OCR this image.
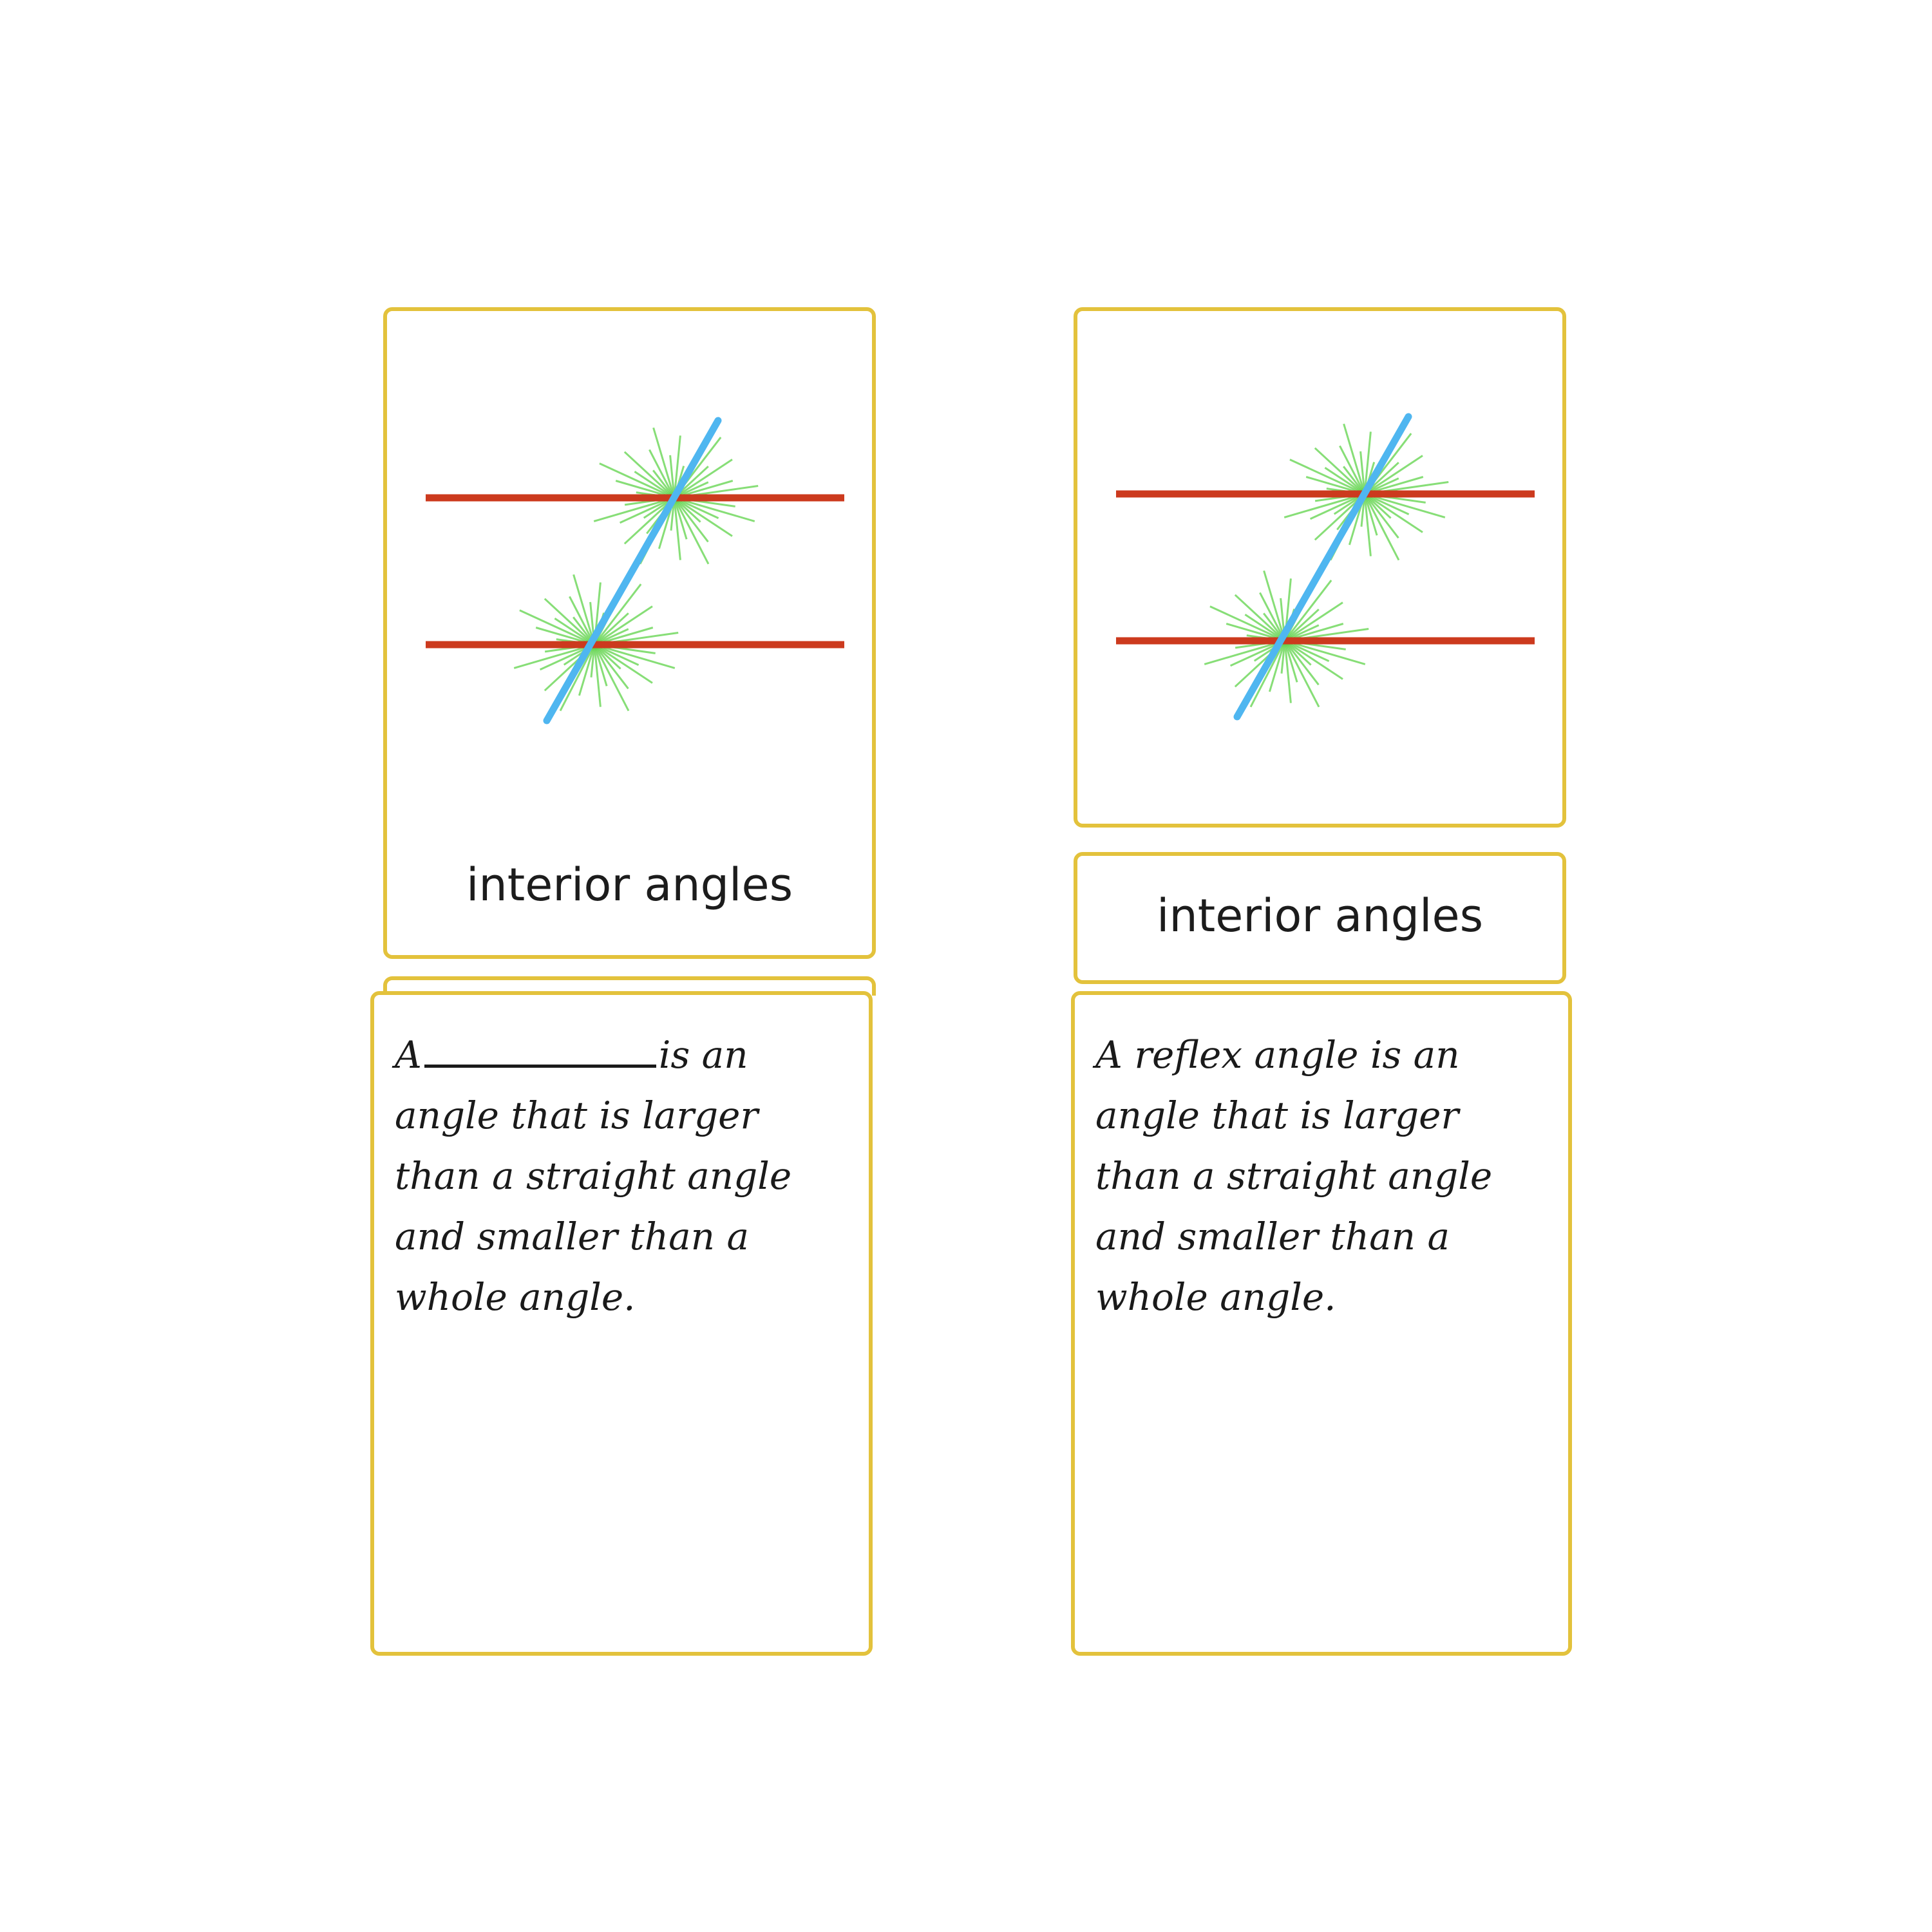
interior angles
A	is an
angle that is larger
than a straight angle
and smaller than a
whole angle.
interior angles
A reflex angle is an
angle that is larger
than a straight angle
and smaller than a
whole angle.
